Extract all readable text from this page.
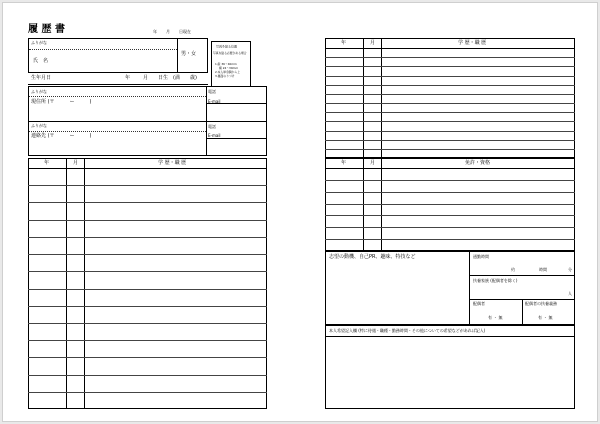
履 歴 書	年 月 日現在
写真を貼る位置
写真を貼る必要がある場合
1.縦 36～40mm
横 24～30mm
2.本人単身胸から上
3.裏面のりづけ
ふりがな
氏　名
男・女
生年月日	年	月 日生　(満　　歳)
ふりがな
現住所 (〒　　　ー　　　)
電話
E-mail
ふりがな
連絡先 (〒　　　ー　　　)
電話
E-mail
年	月	学 歴・職 歴
年	月	学 歴・職 歴
年	月	免許・資格
志望の動機、自己PR、趣味、特技など	通勤時間
約	時間	分
扶養家族 (配偶者を除く)
人
配偶者
有 ・ 無
配偶者の扶養義務
有 ・ 無
本人希望記入欄 (特に待遇・職種・勤務時間・その他についての希望などがあれば記入)
